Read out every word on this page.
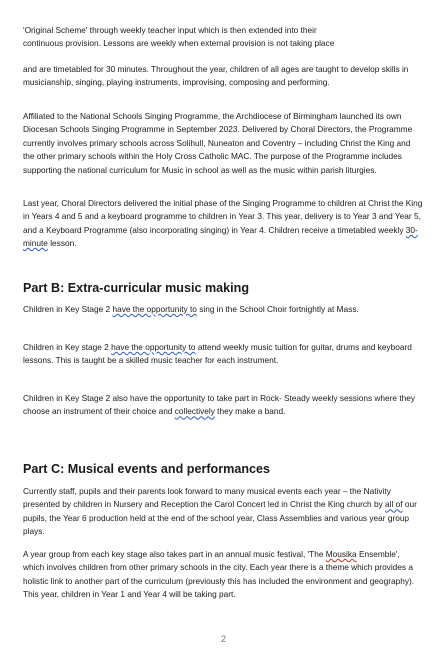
'Original Scheme' through weekly teacher input which is then extended into their
continuous provision. Lessons are weekly when external provision is not taking place

and are timetabled for 30 minutes. Throughout the year, children of all ages are taught to develop skills in musicianship, singing, playing instruments, improvising, composing and performing.

Affiliated to the National Schools Singing Programme, the Archdiocese of Birmingham launched its own Diocesan Schools Singing Programme in September 2023. Delivered by Choral Directors, the Programme currently involves primary schools across Solihull, Nuneaton and Coventry – including Christ the King and the other primary schools within the Holy Cross Catholic MAC. The purpose of the Programme includes supporting the national curriculum for Music in school as well as the music within parish liturgies.

Last year, Choral Directors delivered the initial phase of the Singing Programme to children at Christ the King in Years 4 and 5 and a keyboard programme to children in Year 3. This year, delivery is to Year 3 and Year 5, and a Keyboard Programme (also incorporating singing) in Year 4. Children receive a timetabled weekly 30-minute lesson.

Part B: Extra-curricular music making

Children in Key Stage 2 have the opportunity to sing in the School Choir fortnightly at Mass.

Children in Key stage 2 have the opportunity to attend weekly music tuition for guitar, drums and keyboard lessons. This is taught be a skilled music teacher for each instrument.

Children in Key Stage 2 also have the opportunity to take part in Rock- Steady weekly sessions where they choose an instrument of their choice and collectively they make a band.

Part C: Musical events and performances

Currently staff, pupils and their parents look forward to many musical events each year – the Nativity presented by children in Nursery and Reception the Carol Concert led in Christ the King church by all of our pupils, the Year 6 production held at the end of the school year, Class Assemblies and various year group plays.

A year group from each key stage also takes part in an annual music festival, 'The Mousika Ensemble', which involves children from other primary schools in the city. Each year there is a theme which provides a holistic link to another part of the curriculum (previously this has included the environment and geography). This year, children in Year 1 and Year 4 will be taking part.

2
